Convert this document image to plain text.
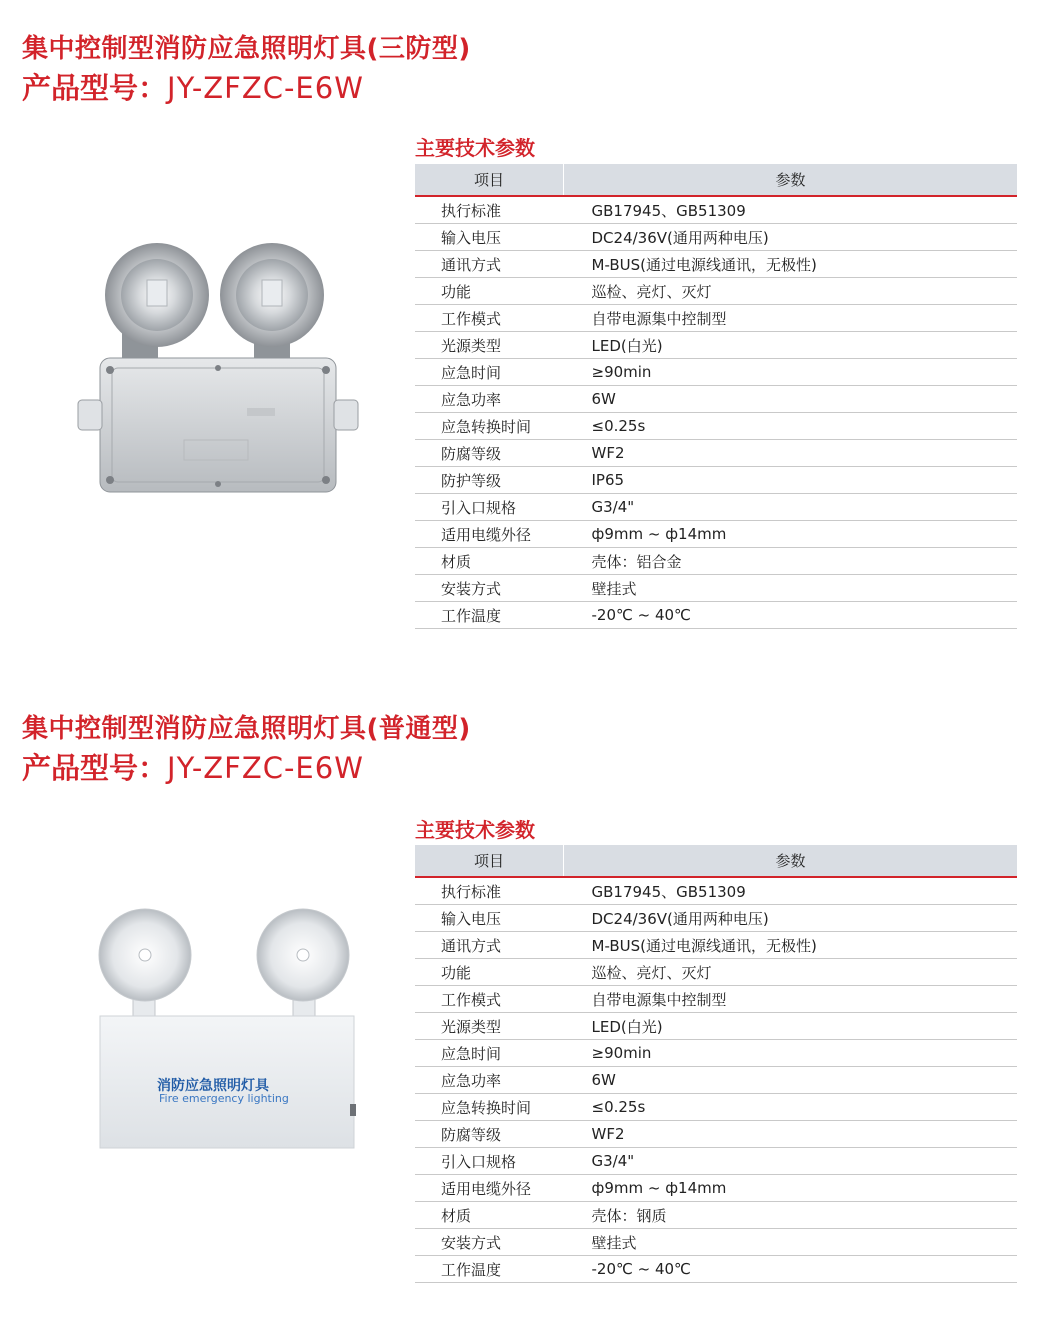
集中控制型消防应急照明灯具(三防型)
产品型号：JY-ZFZC-E6W
主要技术参数
项目	参数
执行标准	GB17945、GB51309
输入电压	DC24/36V(通用两种电压)
通讯方式	M-BUS(通过电源线通讯，无极性)
功能	巡检、亮灯、灭灯
工作模式	自带电源集中控制型
光源类型	LED(白光)
应急时间	≥90min
应急功率	6W
应急转换时间	≤0.25s
防腐等级	WF2
防护等级	IP65
引入口规格	G3/4"
适用电缆外径	ф9mm ~ ф14mm
材质	壳体：铝合金
安装方式	壁挂式
工作温度	-20℃ ~ 40℃
集中控制型消防应急照明灯具(普通型)
产品型号：JY-ZFZC-E6W
消防应急照明灯具
Fire emergency lighting
主要技术参数
项目	参数
执行标准	GB17945、GB51309
输入电压	DC24/36V(通用两种电压)
通讯方式	M-BUS(通过电源线通讯，无极性)
功能	巡检、亮灯、灭灯
工作模式	自带电源集中控制型
光源类型	LED(白光)
应急时间	≥90min
应急功率	6W
应急转换时间	≤0.25s
防腐等级	WF2
引入口规格	G3/4"
适用电缆外径	ф9mm ~ ф14mm
材质	壳体：钢质
安装方式	壁挂式
工作温度	-20℃ ~ 40℃
